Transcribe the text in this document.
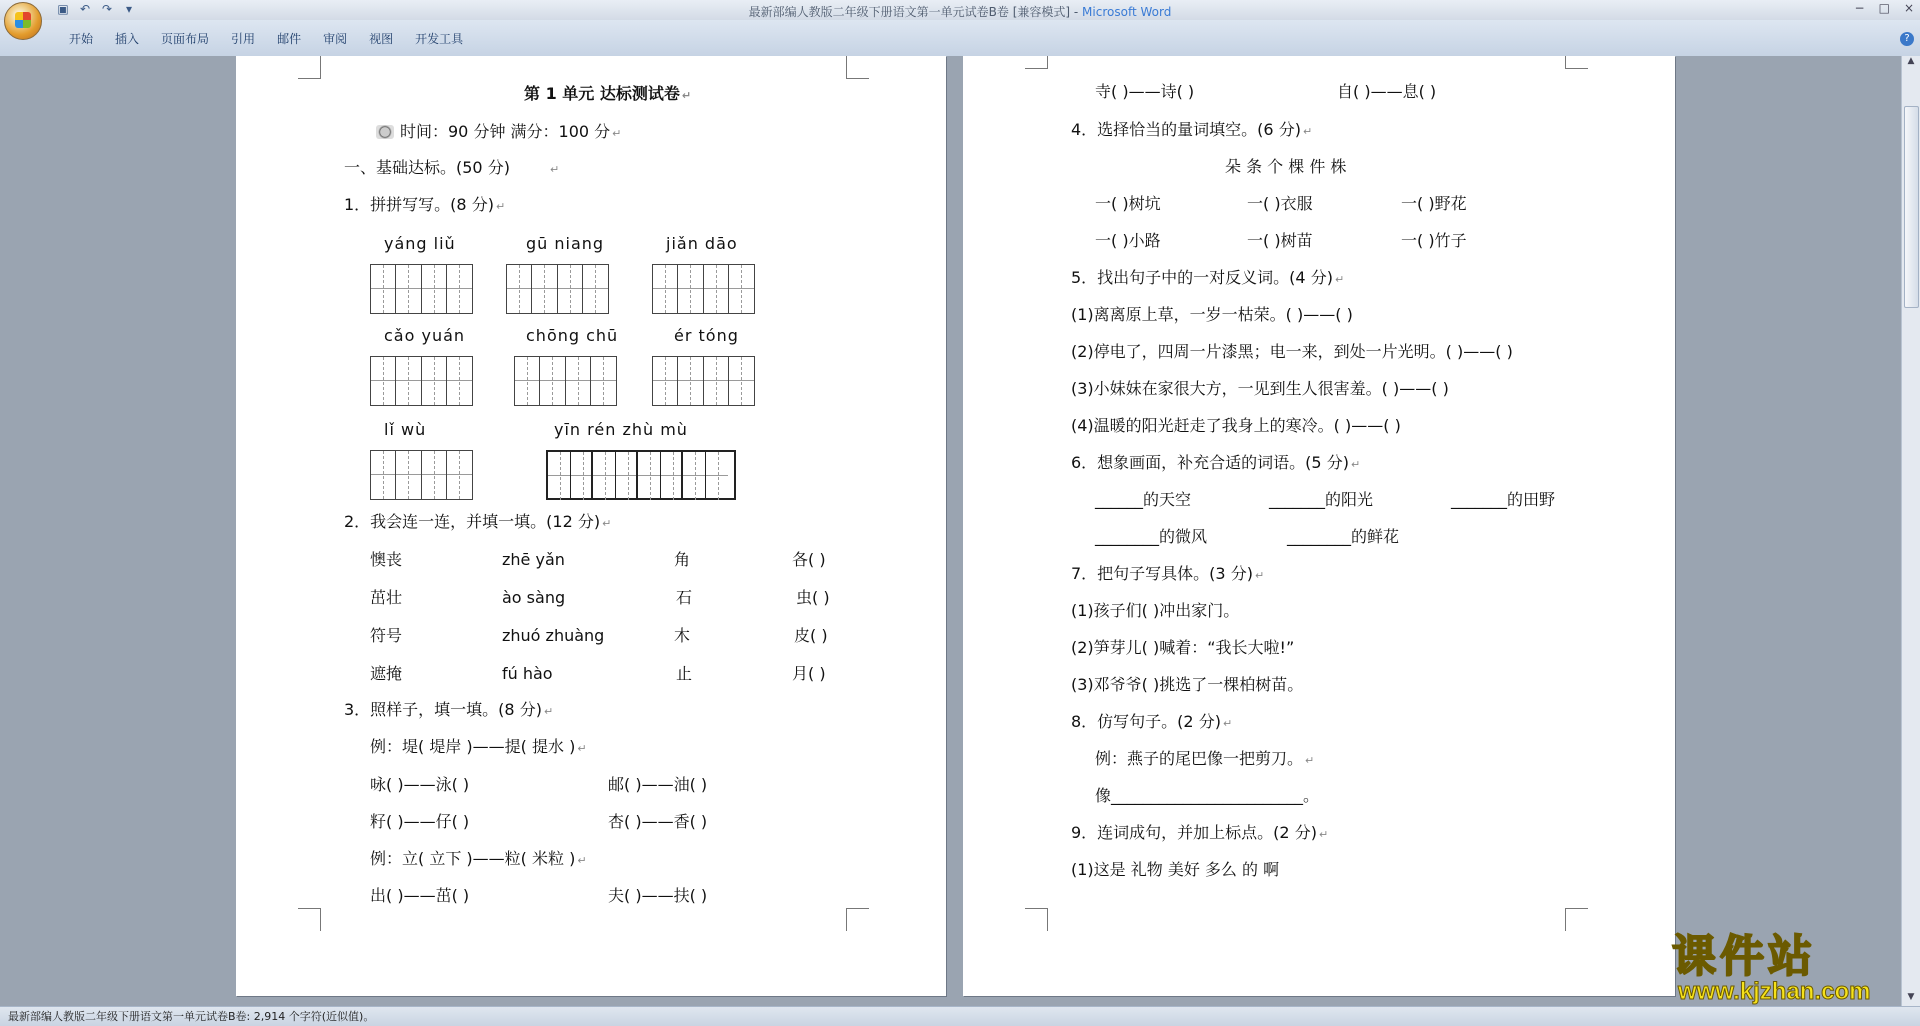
▣ ↶ ↷	▾	最新部编人教版二年级下册语文第一单元试卷B卷 [兼容模式] - Microsoft Word	− □ ×
开始	插入	页面布局	引用	邮件	审阅	视图	开发工具	?
第 1 单元 达标测试卷 ↵
时间：90 分钟 满分：100 分 ↵
一、基础达标。(50 分)	↵
1．拼拼写写。(8 分) ↵
yáng liǔ	gū niang	jiǎn dāo
cǎo yuán	chōng chū	ér tóng
lǐ wù	yīn rén zhù mù
2．我会连一连，并填一填。(12 分) ↵
懊丧	zhē yǎn	角	各( )
茁壮	ào sàng	石	虫( )
符号	zhuó zhuàng	木	皮( )
遮掩	fú hào	止	月( )
3．照样子，填一填。(8 分) ↵
例：堤( 堤岸 )——提( 提水 ) ↵
咏( )——泳( )	邮( )——油( )
籽( )——仔( )	杏( )——香( )
例：立( 立下 )——粒( 米粒 ) ↵
出( )——茁( )	夫( )——扶( )
寺( )——诗( )	自( )——息( )
4．选择恰当的量词填空。(6 分) ↵
朵 条 个 棵 件 株
一( )树坑	一( )衣服	一( )野花
一( )小路	一( )树苗	一( )竹子
5．找出句子中的一对反义词。(4 分) ↵
(1)离离原上草，一岁一枯荣。( )——( )
(2)停电了，四周一片漆黑；电一来，到处一片光明。( )——( )
(3)小妹妹在家很大方，一见到生人很害羞。( )——( )
(4)温暖的阳光赶走了我身上的寒冷。( )——( )
6．想象画面，补充合适的词语。(5 分) ↵
______的天空	_______的阳光	_______的田野
________的微风	________的鲜花
7．把句子写具体。(3 分) ↵
(1)孩子们( )冲出家门。
(2)笋芽儿( )喊着：“我长大啦!”
(3)邓爷爷( )挑选了一棵柏树苗。
8．仿写句子。(2 分) ↵
例：燕子的尾巴像一把剪刀。 ↵
像________________________。
9．连词成句，并加上标点。(2 分) ↵
(1)这是 礼物 美好 多么 的 啊
▲
▼
最新部编人教版二年级下册语文第一单元试卷B卷: 2,914 个字符(近似值)。
课件站
www.kjzhan.com
